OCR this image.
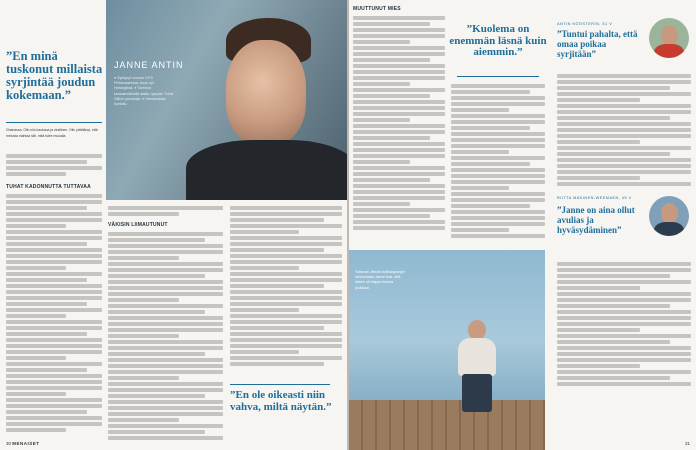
”En minä tuskonut millaista syrjintää joudun kokemaan.”
Ghanassa. Olin niin kaukana ja virallinen. Olin päättänyt, että minusta mahtaa silti, mitä tulee muualla.
TUHAT KADONNUTTA TUTTAVAA
JANNE ANTIN
● Syntynyt vuonna 1970 Pietarsaaressa. Asuu nyt Helsingissä. ● Toiminut kansainvälisellä alalla, nykyisin Tuhat Sätiön perustaja. ● Harrastuksia: kuntoilu.
VÄKISIN LIIMAUTUNUT
”En ole oikeasti niin vahva, miltä näytän.”
30 MENAISET
Tuttavan Jännen kotikaupungin verkostossa Janne koki, että hänen oli helppo kuulua joukkoon.
MUUTTUNUT MIES
”Kuolema on enemmän läsnä kuin aiemmin.”
ANTIN KÖÖSTERIN, 51 V
”Tuntui pahalta, että omaa poikaa syrjitään”
RIITTA MÄKINEN-WEEMAEN, 45 V
”Janne on aina ollut avulias ja hyväsydäminen”
31
